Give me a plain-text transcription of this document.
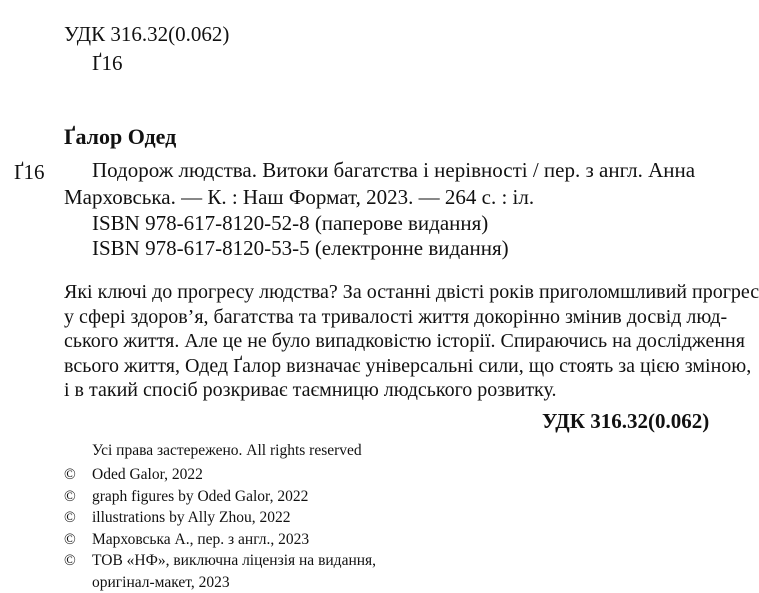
УДК 316.32(0.062)
Ґ16
Ґалор Одед
Ґ16 Подорож людства. Витоки багатства і нерівності / пер. з англ. Анна
Марховська. — К. : Наш Формат, 2023. — 264 с. : іл.
ISBN 978-617-8120-52-8 (паперове видання)
ISBN 978-617-8120-53-5 (електронне видання)
Які ключі до прогресу людства? За останні двісті років приголомшливий прогрес
у сфері здоров’я, багатства та тривалості життя докорінно змінив досвід люд-
ського життя. Але це не було випадковістю історії. Спираючись на дослідження
всього життя, Одед Ґалор визначає універсальні сили, що стоять за цією зміною,
і в такий спосіб розкриває таємницю людського розвитку.
УДК 316.32(0.062)
Усі права застережено. All rights reserved
© Oded Galor, 2022
© graph figures by Oded Galor, 2022
© illustrations by Ally Zhou, 2022
© Марховська А., пер. з англ., 2023
© ТОВ «НФ», виключна ліцензія на видання,
оригінал-макет, 2023
